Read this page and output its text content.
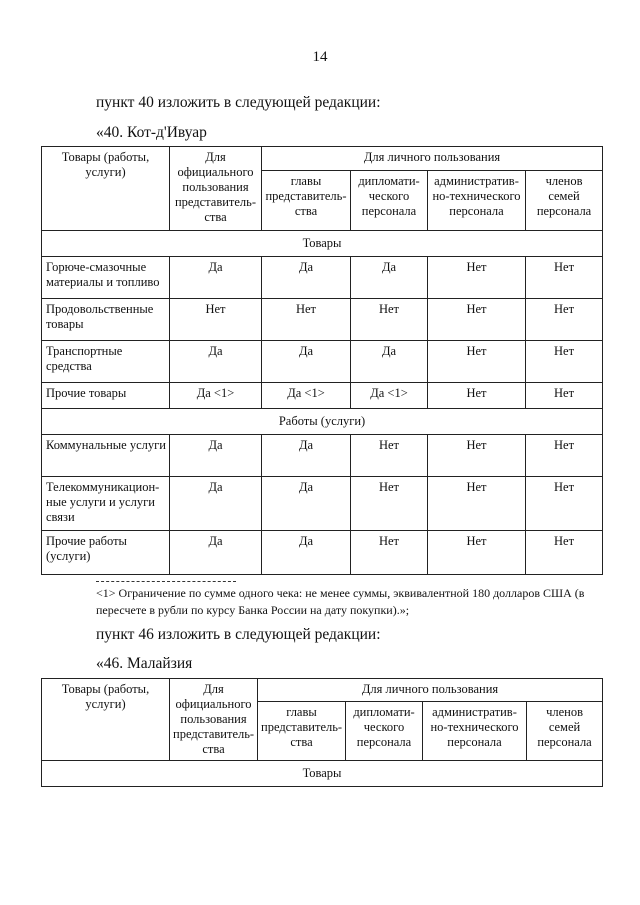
14
пункт 40 изложить в следующей редакции:
«40. Кот-д'Ивуар
Товары (работы, услуги)	Для официального пользования представитель-ства	Для личного пользования			
		главы представитель-ства	дипломати-ческого персонала	административ-но-технического персонала	членов семей персонала
Товары					
Горюче-смазочные материалы и топливо	Да	Да	Да	Нет	Нет
Продовольственные товары	Нет	Нет	Нет	Нет	Нет
Транспортные средства	Да	Да	Да	Нет	Нет
Прочие товары	Да <1>	Да <1>	Да <1>	Нет	Нет
Работы (услуги)					
Коммунальные услуги	Да	Да	Нет	Нет	Нет
Телекоммуникацион-ные услуги и услуги связи	Да	Да	Нет	Нет	Нет
Прочие работы (услуги)	Да	Да	Нет	Нет	Нет
<1> Ограничение по сумме одного чека: не менее суммы, эквивалентной 180 долларов США (в пересчете в рубли по курсу Банка России на дату покупки).»;
пункт 46 изложить в следующей редакции:
«46. Малайзия
Товары (работы, услуги)	Для официального пользования представитель-ства	Для личного пользования			
		главы представитель-ства	дипломати-ческого персонала	административ-но-технического персонала	членов семей персонала
Товары					
